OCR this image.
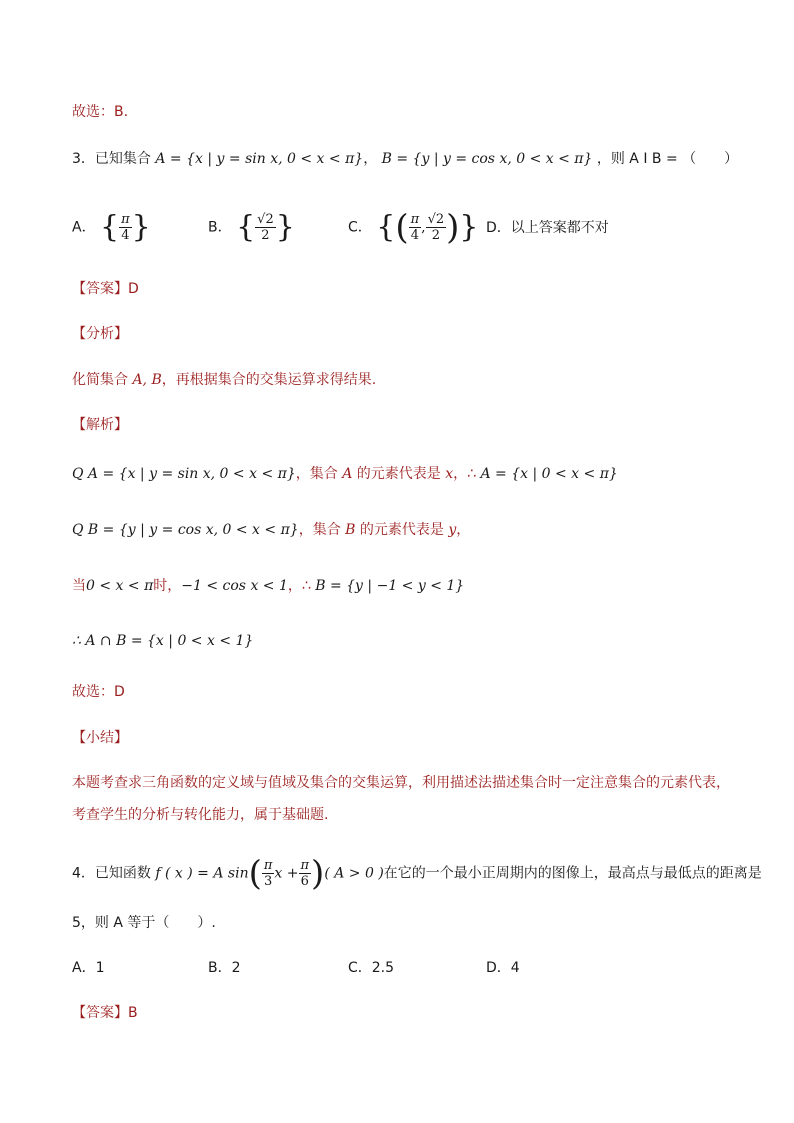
故选：B.
3．已知集合 A = {x | y = sin x, 0 < x < π}， B = {y | y = cos x, 0 < x < π} ，则 A I B = （　　）
A． { $\frac{\pi}{4}$ }	B． { $\frac{√2}{2}$ }	C． {( $\frac{\pi}{4}$ , $\frac{√2}{2}$ )} D．以上答案都不对
【答案】D
【分析】
化简集合 A, B，再根据集合的交集运算求得结果.
【解析】
Q A = {x | y = sin x, 0 < x < π}，集合 A 的元素代表是 x，∴ A = {x | 0 < x < π}
Q B = {y | y = cos x, 0 < x < π}，集合 B 的元素代表是 y，
当0 < x < π时，−1 < cos x < 1，∴ B = {y | −1 < y < 1}
∴ A ∩ B = {x | 0 < x < 1}
故选：D
【小结】
本题考查求三角函数的定义域与值域及集合的交集运算，利用描述法描述集合时一定注意集合的元素代表，
考查学生的分析与转化能力，属于基础题.
4．已知函数 f ( x ) = A $\sin( \frac{\pi}{3}$ $x + \frac{\pi}{6}$ )( A > 0 )在它的一个最小正周期内的图像上，最高点与最低点的距离是
5，则 A 等于（　　）.
A．1	B．2	C．2.5	D．4
【答案】B
